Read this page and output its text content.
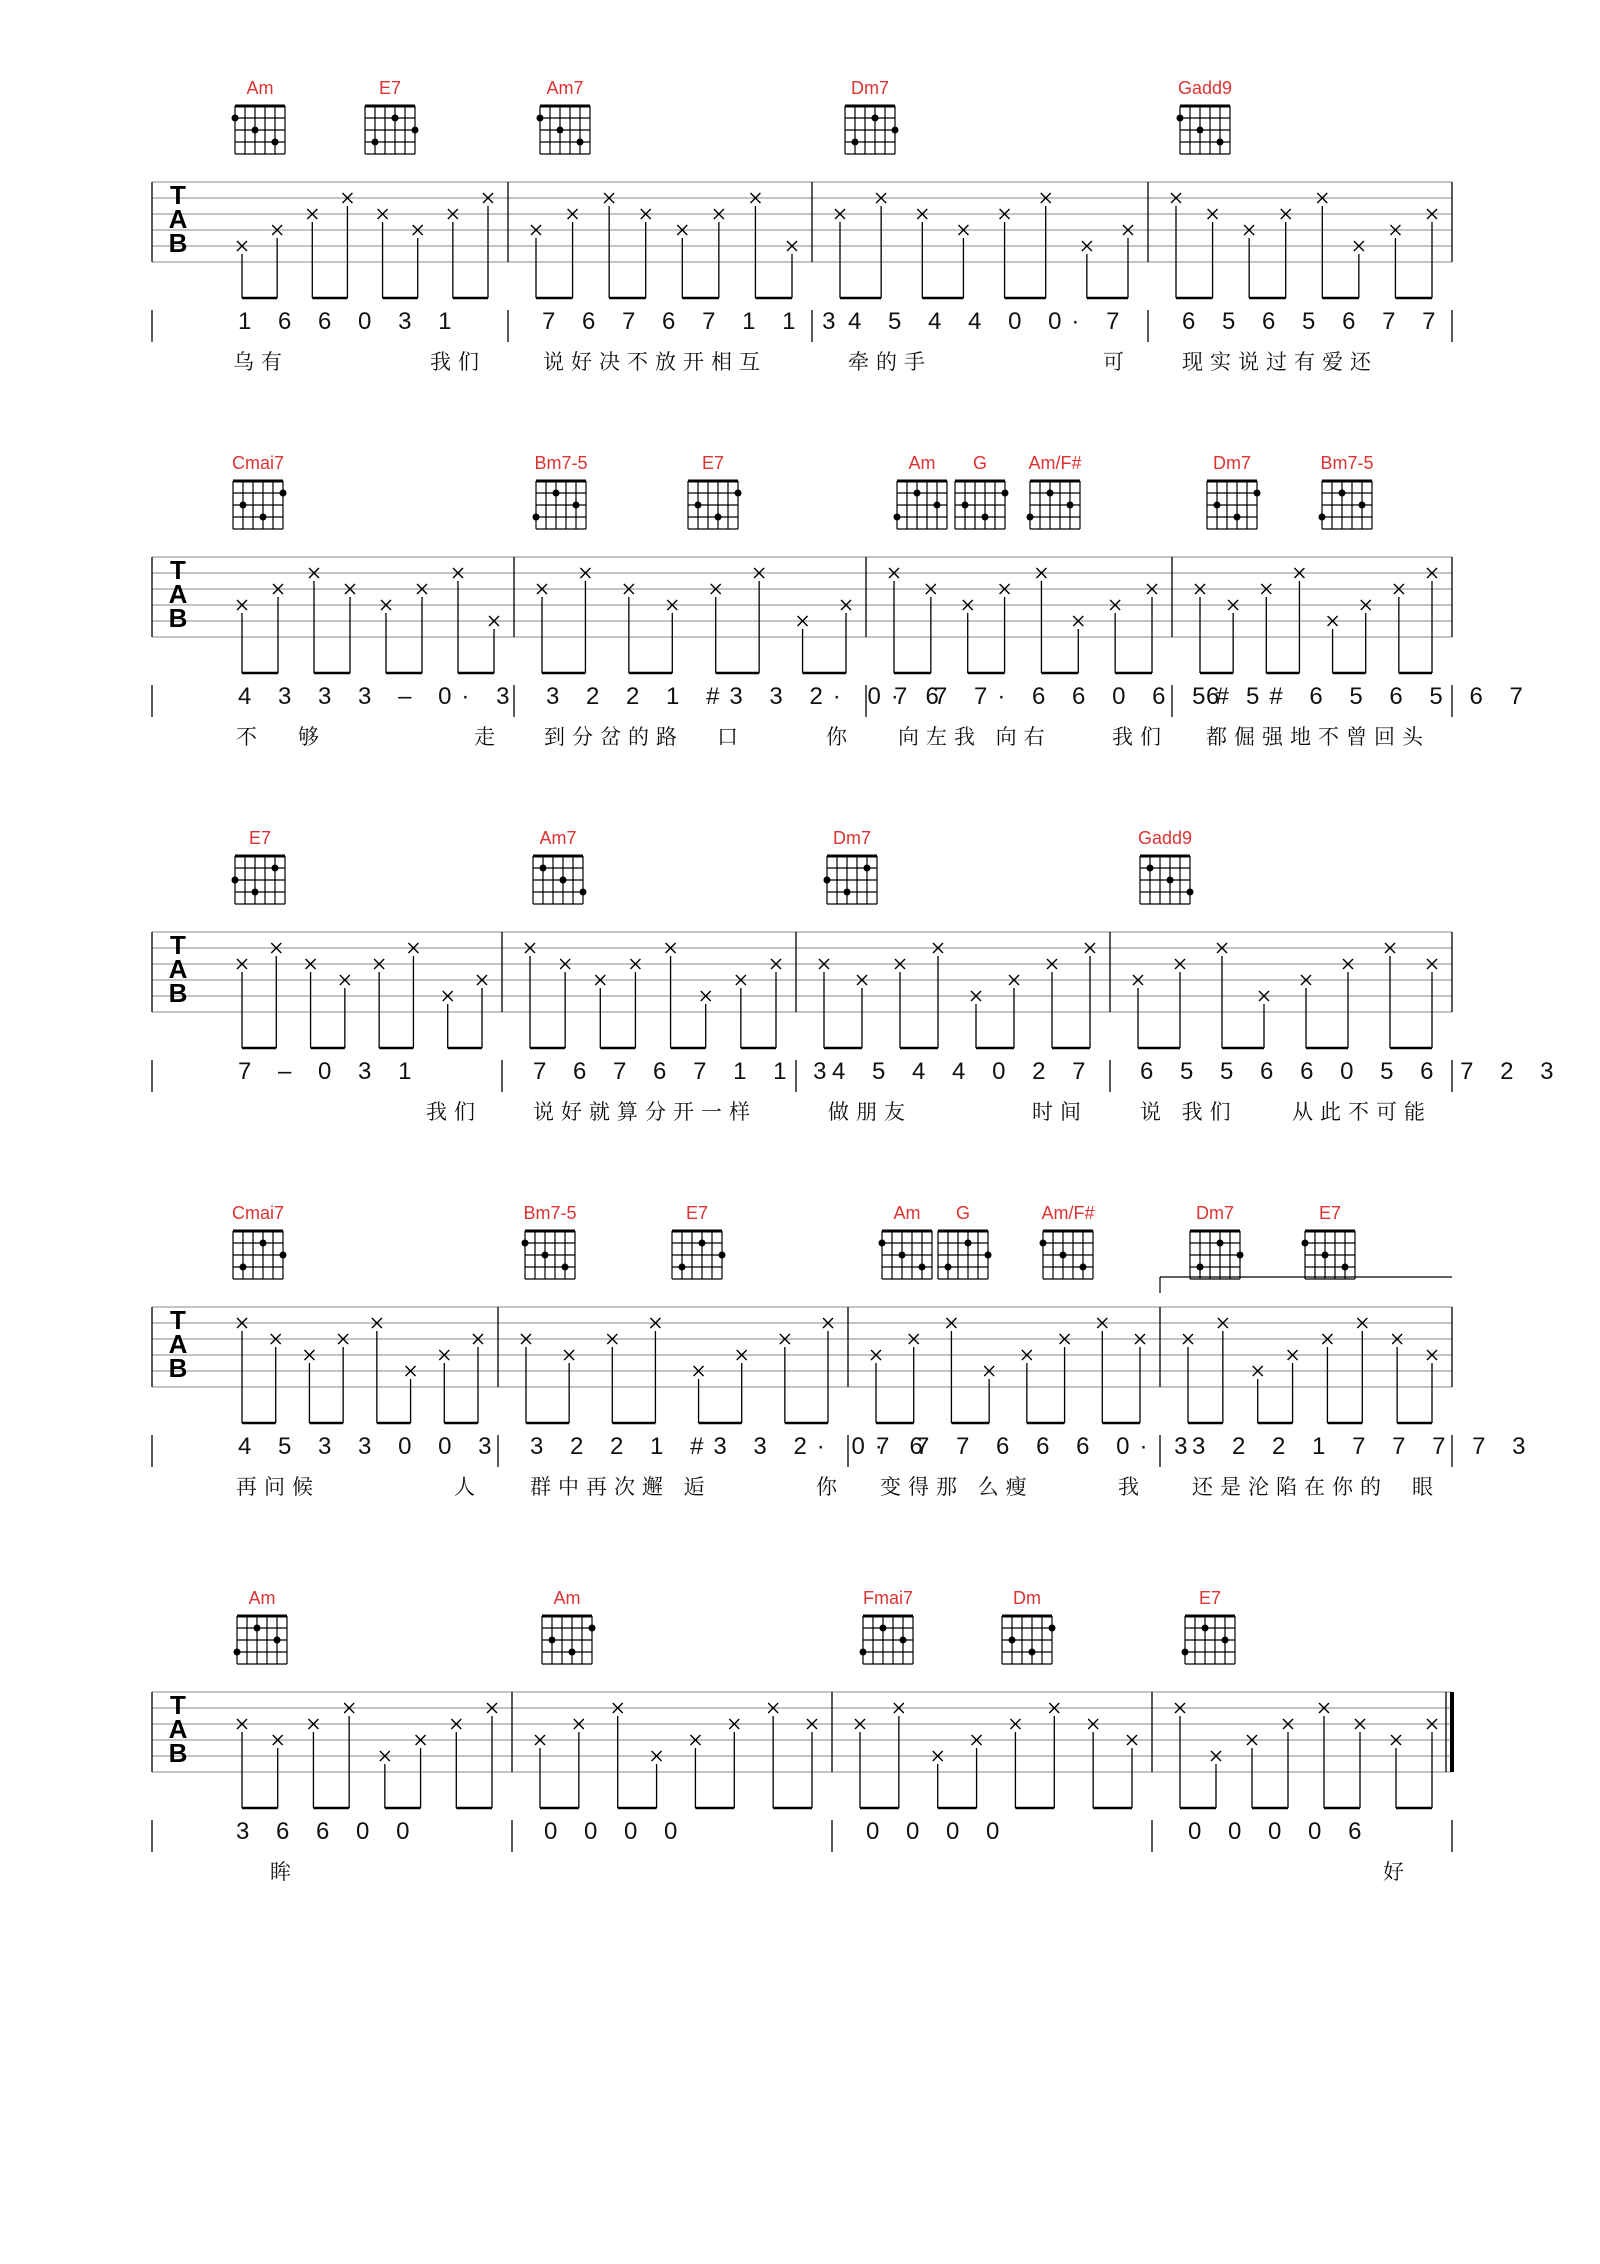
T
A
B
Am	E7	Am7	Dm7	Gadd9
1 6 6 0 3 1	7 6 7 6 7 1 1 3 4 5 4 4 0 0· 7 6 5 6 5 6 7 7
乌有	我们	说好决不放开相互	牵的手	可 现实说过有爱还
T
A
B
Cmai7	Bm7-5	E7	Am G Am/F#	Dm7	Bm7-5
4 3 3 3 – 0· 3 3 2 2 1 #3 3 2· 0· 6
7 7 7· 6 6 0 6 5#
6 5# 6 5 6 5 6 7
不 够	走 到分岔的路 口	你 向左我 向右	我们 都倔强地不曾回头
T
A
B
E7	Am7	Dm7	Gadd9
7 – 0 3 1	7 6 7 6 7 1 1 3
4 5 4 4 0 2 7 6 5 5 6 6 0 5 6 7 2 3
我们 说好就算分开一样	做朋友	时间 说 我们	从此不可能
T
A
B
Cmai7	Bm7-5	E7	Am G	Am/F#	Dm7	E7
4 5 3 3 0 0 3 3 2 2 1 #3 3 2· 0· 6
7 7 7 6 6 6 0· 3
3 2 2 1 7 7 7 7 3
再问候	人 群中再次邂 逅	你 变得那 么瘦	我 还是沦陷在你的 眼
T
A
B
Am	Am	Fmai7	Dm	E7
3 6 6 0 0	0 0 0 0	0 0 0 0	0 0 0 0 6
眸	好
